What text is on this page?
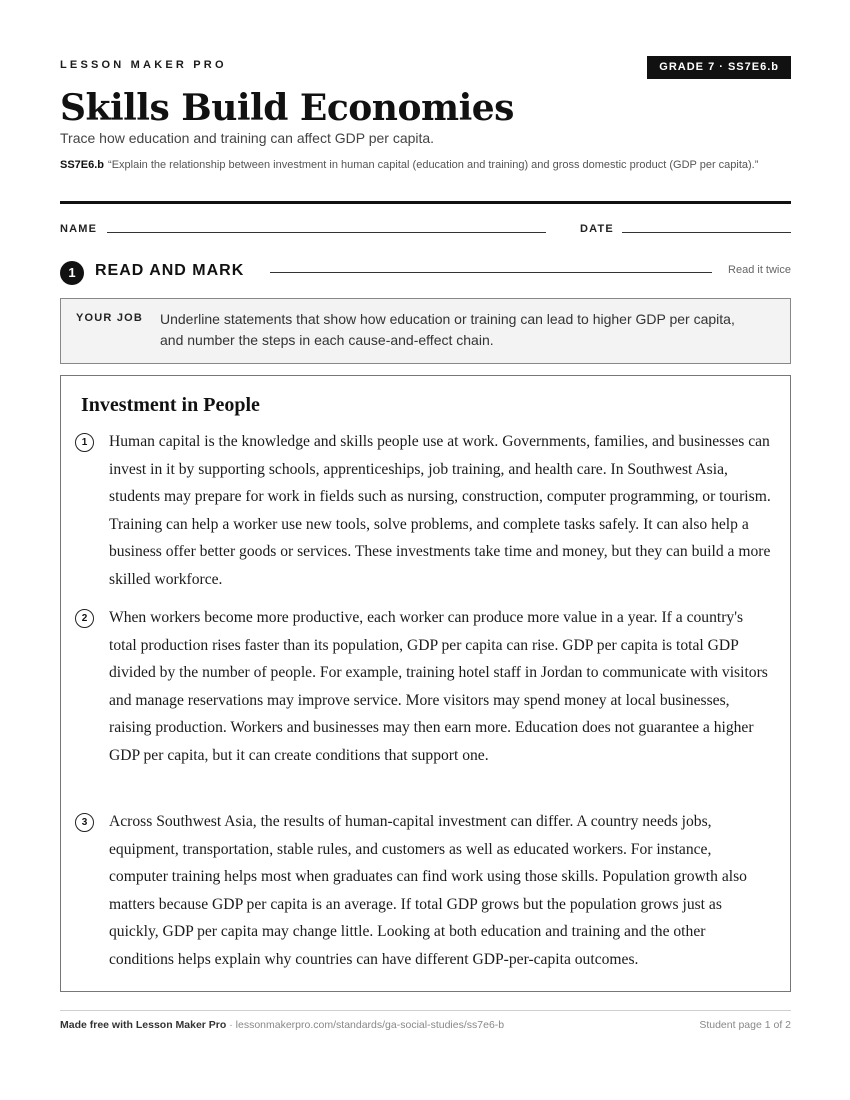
LESSON MAKER PRO	GRADE 7 · SS7E6.b
Skills Build Economies
Trace how education and training can affect GDP per capita.
SS7E6.b “Explain the relationship between investment in human capital (education and training) and gross domestic product (GDP per capita).”
NAME	DATE
1	READ AND MARK	Read it twice
YOUR JOB Underline statements that show how education or training can lead to higher GDP per capita, and number the steps in each cause-and-effect chain.
Investment in People
1	Human capital is the knowledge and skills people use at work. Governments, families, and businesses can invest in it by supporting schools, apprenticeships, job training, and health care. In Southwest Asia, students may prepare for work in fields such as nursing, construction, computer programming, or tourism. Training can help a worker use new tools, solve problems, and complete tasks safely. It can also help a business offer better goods or services. These investments take time and money, but they can build a more skilled workforce.
2	When workers become more productive, each worker can produce more value in a year. If a country's total production rises faster than its population, GDP per capita can rise. GDP per capita is total GDP divided by the number of people. For example, training hotel staff in Jordan to communicate with visitors and manage reservations may improve service. More visitors may spend money at local businesses, raising production. Workers and businesses may then earn more. Education does not guarantee a higher GDP per capita, but it can create conditions that support one.
3	Across Southwest Asia, the results of human-capital investment can differ. A country needs jobs, equipment, transportation, stable rules, and customers as well as educated workers. For instance, computer training helps most when graduates can find work using those skills. Population growth also matters because GDP per capita is an average. If total GDP grows but the population grows just as quickly, GDP per capita may change little. Looking at both education and training and the other conditions helps explain why countries can have different GDP-per-capita outcomes.
Made free with Lesson Maker Pro · lessonmakerpro.com/standards/ga-social-studies/ss7e6-b	Student page 1 of 2
